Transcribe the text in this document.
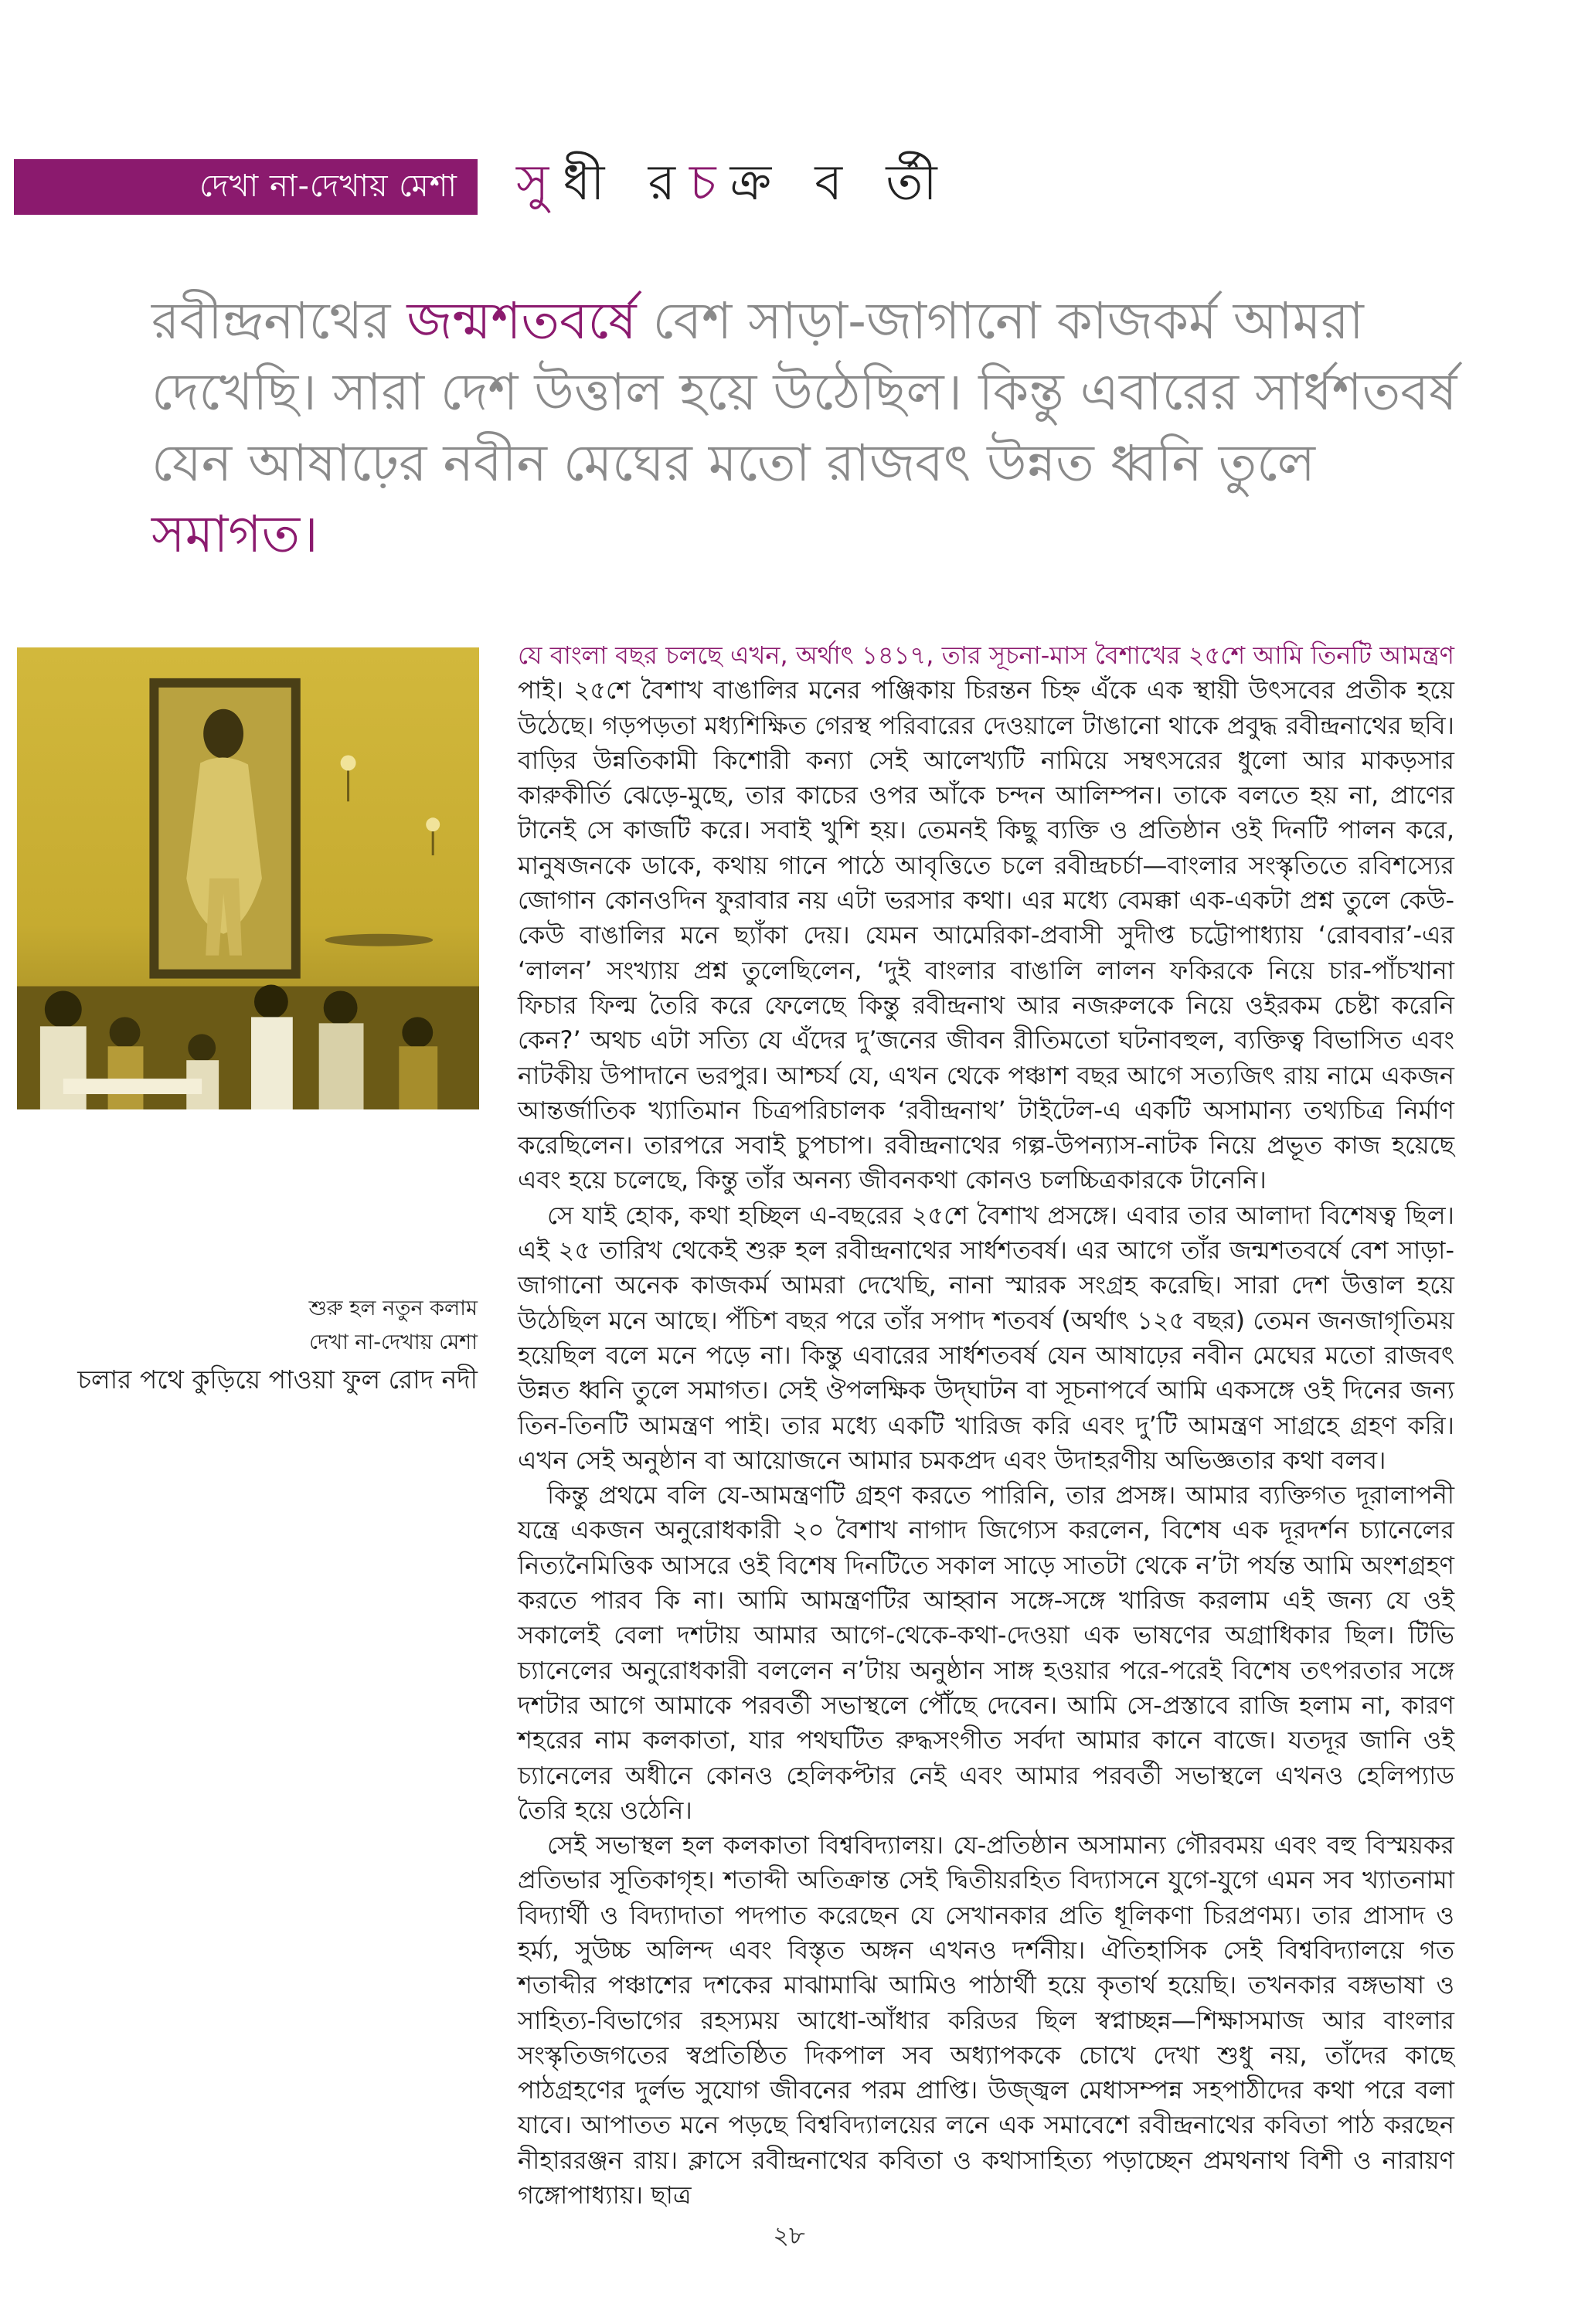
দেখা না-দেখায় মেশা সু ধী র চ ক্র ব র্তী
রবীন্দ্রনাথের জন্মশতবর্ষে বেশ সাড়া-জাগানো কাজকর্ম আমরা দেখেছি। সারা দেশ উত্তাল হয়ে উঠেছিল। কিন্তু এবারের সার্ধশতবর্ষ যেন আষাঢ়ের নবীন মেঘের মতো রাজবৎ উন্নত ধ্বনি তুলে সমাগত।
শুরু হল নতুন কলাম
দেখা না-দেখায় মেশা
চলার পথে কুড়িয়ে পাওয়া ফুল রোদ নদী

যে বাংলা বছর চলছে এখন, অর্থাৎ ১৪১৭, তার সূচনা-মাস বৈশাখের ২৫শে আমি তিনটি আমন্ত্রণ পাই। ২৫শে বৈশাখ বাঙালির মনের পঞ্জিকায় চিরন্তন চিহ্ন এঁকে এক স্থায়ী উৎসবের প্রতীক হয়ে উঠেছে। গড়পড়তা মধ্যশিক্ষিত গেরস্থ পরিবারের দেওয়ালে টাঙানো থাকে প্রবুদ্ধ রবীন্দ্রনাথের ছবি। বাড়ির উন্নতিকামী কিশোরী কন্যা সেই আলেখ্যটি নামিয়ে সম্বৎসরের ধুলো আর মাকড়সার কারুকীর্তি ঝেড়ে-মুছে, তার কাচের ওপর আঁকে চন্দন আলিম্পন। তাকে বলতে হয় না, প্রাণের টানেই সে কাজটি করে। সবাই খুশি হয়। তেমনই কিছু ব্যক্তি ও প্রতিষ্ঠান ওই দিনটি পালন করে, মানুষজনকে ডাকে, কথায় গানে পাঠে আবৃত্তিতে চলে রবীন্দ্রচর্চা—বাংলার সংস্কৃতিতে রবিশস্যের জোগান কোনওদিন ফুরাবার নয় এটা ভরসার কথা। এর মধ্যে বেমক্কা এক-একটা প্রশ্ন তুলে কেউ-কেউ বাঙালির মনে ছ্যাঁকা দেয়। যেমন আমেরিকা-প্রবাসী সুদীপ্ত চট্টোপাধ্যায় ‘রোববার’-এর ‘লালন’ সংখ্যায় প্রশ্ন তুলেছিলেন, ‘দুই বাংলার বাঙালি লালন ফকিরকে নিয়ে চার-পাঁচখানা ফিচার ফিল্ম তৈরি করে ফেলেছে কিন্তু রবীন্দ্রনাথ আর নজরুলকে নিয়ে ওইরকম চেষ্টা করেনি কেন?’ অথচ এটা সত্যি যে এঁদের দু’জনের জীবন রীতিমতো ঘটনাবহুল, ব্যক্তিত্ব বিভাসিত এবং নাটকীয় উপাদানে ভরপুর। আশ্চর্য যে, এখন থেকে পঞ্চাশ বছর আগে সত্যজিৎ রায় নামে একজন আন্তর্জাতিক খ্যাতিমান চিত্রপরিচালক ‘রবীন্দ্রনাথ’ টাইটেল-এ একটি অসামান্য তথ্যচিত্র নির্মাণ করেছিলেন। তারপরে সবাই চুপচাপ। রবীন্দ্রনাথের গল্প-উপন্যাস-নাটক নিয়ে প্রভূত কাজ হয়েছে এবং হয়ে চলেছে, কিন্তু তাঁর অনন্য জীবনকথা কোনও চলচ্চিত্রকারকে টানেনি।

সে যাই হোক, কথা হচ্ছিল এ-বছরের ২৫শে বৈশাখ প্রসঙ্গে। এবার তার আলাদা বিশেষত্ব ছিল। এই ২৫ তারিখ থেকেই শুরু হল রবীন্দ্রনাথের সার্ধশতবর্ষ। এর আগে তাঁর জন্মশতবর্ষে বেশ সাড়া-জাগানো অনেক কাজকর্ম আমরা দেখেছি, নানা স্মারক সংগ্রহ করেছি। সারা দেশ উত্তাল হয়ে উঠেছিল মনে আছে। পঁচিশ বছর পরে তাঁর সপাদ শতবর্ষ (অর্থাৎ ১২৫ বছর) তেমন জনজাগৃতিময় হয়েছিল বলে মনে পড়ে না। কিন্তু এবারের সার্ধশতবর্ষ যেন আষাঢ়ের নবীন মেঘের মতো রাজবৎ উন্নত ধ্বনি তুলে সমাগত। সেই ঔপলক্ষিক উদ্‌ঘাটন বা সূচনাপর্বে আমি একসঙ্গে ওই দিনের জন্য তিন-তিনটি আমন্ত্রণ পাই। তার মধ্যে একটি খারিজ করি এবং দু’টি আমন্ত্রণ সাগ্রহে গ্রহণ করি। এখন সেই অনুষ্ঠান বা আয়োজনে আমার চমকপ্রদ এবং উদাহরণীয় অভিজ্ঞতার কথা বলব।

কিন্তু প্রথমে বলি যে-আমন্ত্রণটি গ্রহণ করতে পারিনি, তার প্রসঙ্গ। আমার ব্যক্তিগত দূরালাপনী যন্ত্রে একজন অনুরোধকারী ২০ বৈশাখ নাগাদ জিগ্যেস করলেন, বিশেষ এক দূরদর্শন চ্যানেলের নিত্যনৈমিত্তিক আসরে ওই বিশেষ দিনটিতে সকাল সাড়ে সাতটা থেকে ন’টা পর্যন্ত আমি অংশগ্রহণ করতে পারব কি না। আমি আমন্ত্রণটির আহ্বান সঙ্গে-সঙ্গে খারিজ করলাম এই জন্য যে ওই সকালেই বেলা দশটায় আমার আগে-থেকে-কথা-দেওয়া এক ভাষণের অগ্রাধিকার ছিল। টিভি চ্যানেলের অনুরোধকারী বললেন ন’টায় অনুষ্ঠান সাঙ্গ হওয়ার পরে-পরেই বিশেষ তৎপরতার সঙ্গে দশটার আগে আমাকে পরবর্তী সভাস্থলে পৌঁছে দেবেন। আমি সে-প্রস্তাবে রাজি হলাম না, কারণ শহরের নাম কলকাতা, যার পথঘটিত রুদ্ধসংগীত সর্বদা আমার কানে বাজে। যতদূর জানি ওই চ্যানেলের অধীনে কোনও হেলিকপ্টার নেই এবং আমার পরবর্তী সভাস্থলে এখনও হেলিপ্যাড তৈরি হয়ে ওঠেনি।

সেই সভাস্থল হল কলকাতা বিশ্ববিদ্যালয়। যে-প্রতিষ্ঠান অসামান্য গৌরবময় এবং বহু বিস্ময়কর প্রতিভার সূতিকাগৃহ। শতাব্দী অতিক্রান্ত সেই দ্বিতীয়রহিত বিদ্যাসনে যুগে-যুগে এমন সব খ্যাতনামা বিদ্যার্থী ও বিদ্যাদাতা পদপাত করেছেন যে সেখানকার প্রতি ধূলিকণা চিরপ্রণম্য। তার প্রাসাদ ও হর্ম্য, সুউচ্চ অলিন্দ এবং বিস্তৃত অঙ্গন এখনও দর্শনীয়। ঐতিহাসিক সেই বিশ্ববিদ্যালয়ে গত শতাব্দীর পঞ্চাশের দশকের মাঝামাঝি আমিও পাঠার্থী হয়ে কৃতার্থ হয়েছি। তখনকার বঙ্গভাষা ও সাহিত্য-বিভাগের রহস্যময় আধো-আঁধার করিডর ছিল স্বপ্নাচ্ছন্ন—শিক্ষাসমাজ আর বাংলার সংস্কৃতিজগতের স্বপ্রতিষ্ঠিত দিকপাল সব অধ্যাপককে চোখে দেখা শুধু নয়, তাঁদের কাছে পাঠগ্রহণের দুর্লভ সুযোগ জীবনের পরম প্রাপ্তি। উজ্জ্বল মেধাসম্পন্ন সহপাঠীদের কথা পরে বলা যাবে। আপাতত মনে পড়ছে বিশ্ববিদ্যালয়ের লনে এক সমাবেশে রবীন্দ্রনাথের কবিতা পাঠ করছেন নীহাররঞ্জন রায়। ক্লাসে রবীন্দ্রনাথের কবিতা ও কথাসাহিত্য পড়াচ্ছেন প্রমথনাথ বিশী ও নারায়ণ গঙ্গোপাধ্যায়। ছাত্র

২৮
